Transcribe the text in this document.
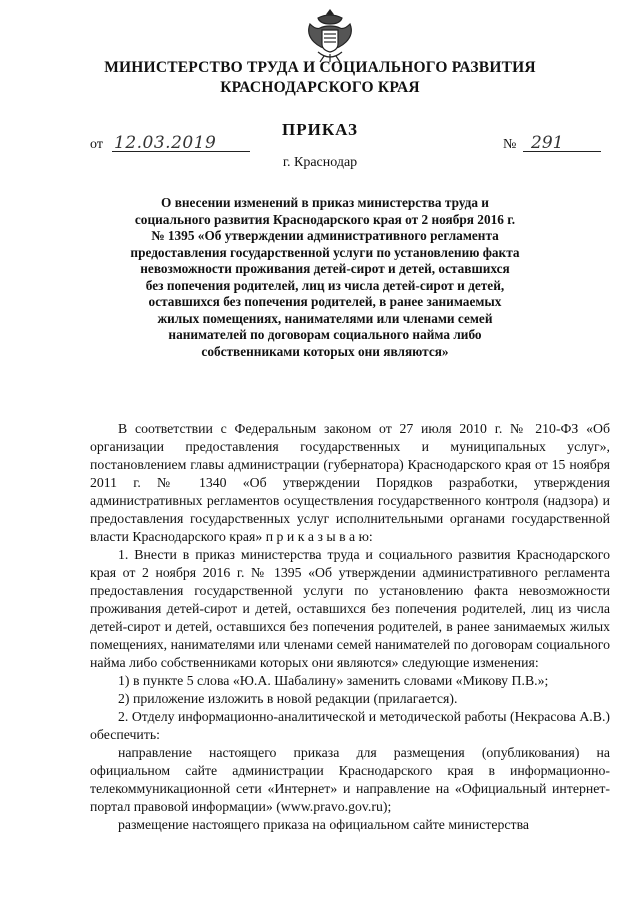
МИНИСТЕРСТВО ТРУДА И СОЦИАЛЬНОГО РАЗВИТИЯ
КРАСНОДАРСКОГО КРАЯ
ПРИКАЗ
от 12.03.2019	№ 291
г. Краснодар
О внесении изменений в приказ министерства труда и социального развития Краснодарского края от 2 ноября 2016 г. № 1395 «Об утверждении административного регламента предоставления государственной услуги по установлению факта невозможности проживания детей-сирот и детей, оставшихся без попечения родителей, лиц из числа детей-сирот и детей, оставшихся без попечения родителей, в ранее занимаемых жилых помещениях, нанимателями или членами семей нанимателей по договорам социального найма либо собственниками которых они являются»

В соответствии с Федеральным законом от 27 июля 2010 г. № 210-ФЗ «Об организации предоставления государственных и муниципальных услуг», постановлением главы администрации (губернатора) Краснодарского края от 15 ноября 2011 г. № 1340 «Об утверждении Порядков разработки, утверждения административных регламентов осуществления государственного контроля (надзора) и предоставления государственных услуг исполнительными органами государственной власти Краснодарского края» п р и к а з ы в а ю:

1. Внести в приказ министерства труда и социального развития Краснодарского края от 2 ноября 2016 г. № 1395 «Об утверждении административного регламента предоставления государственной услуги по установлению факта невозможности проживания детей-сирот и детей, оставшихся без попечения родителей, лиц из числа детей-сирот и детей, оставшихся без попечения родителей, в ранее занимаемых жилых помещениях, нанимателями или членами семей нанимателей по договорам социального найма либо собственниками которых они являются» следующие изменения:

1) в пункте 5 слова «Ю.А. Шабалину» заменить словами «Микову П.В.»;

2) приложение изложить в новой редакции (прилагается).

2. Отделу информационно-аналитической и методической работы (Некрасова А.В.) обеспечить:

направление настоящего приказа для размещения (опубликования) на официальном сайте администрации Краснодарского края в информационно-телекоммуникационной сети «Интернет» и направление на «Официальный интернет-портал правовой информации» (www.pravo.gov.ru);

размещение настоящего приказа на официальном сайте министерства
